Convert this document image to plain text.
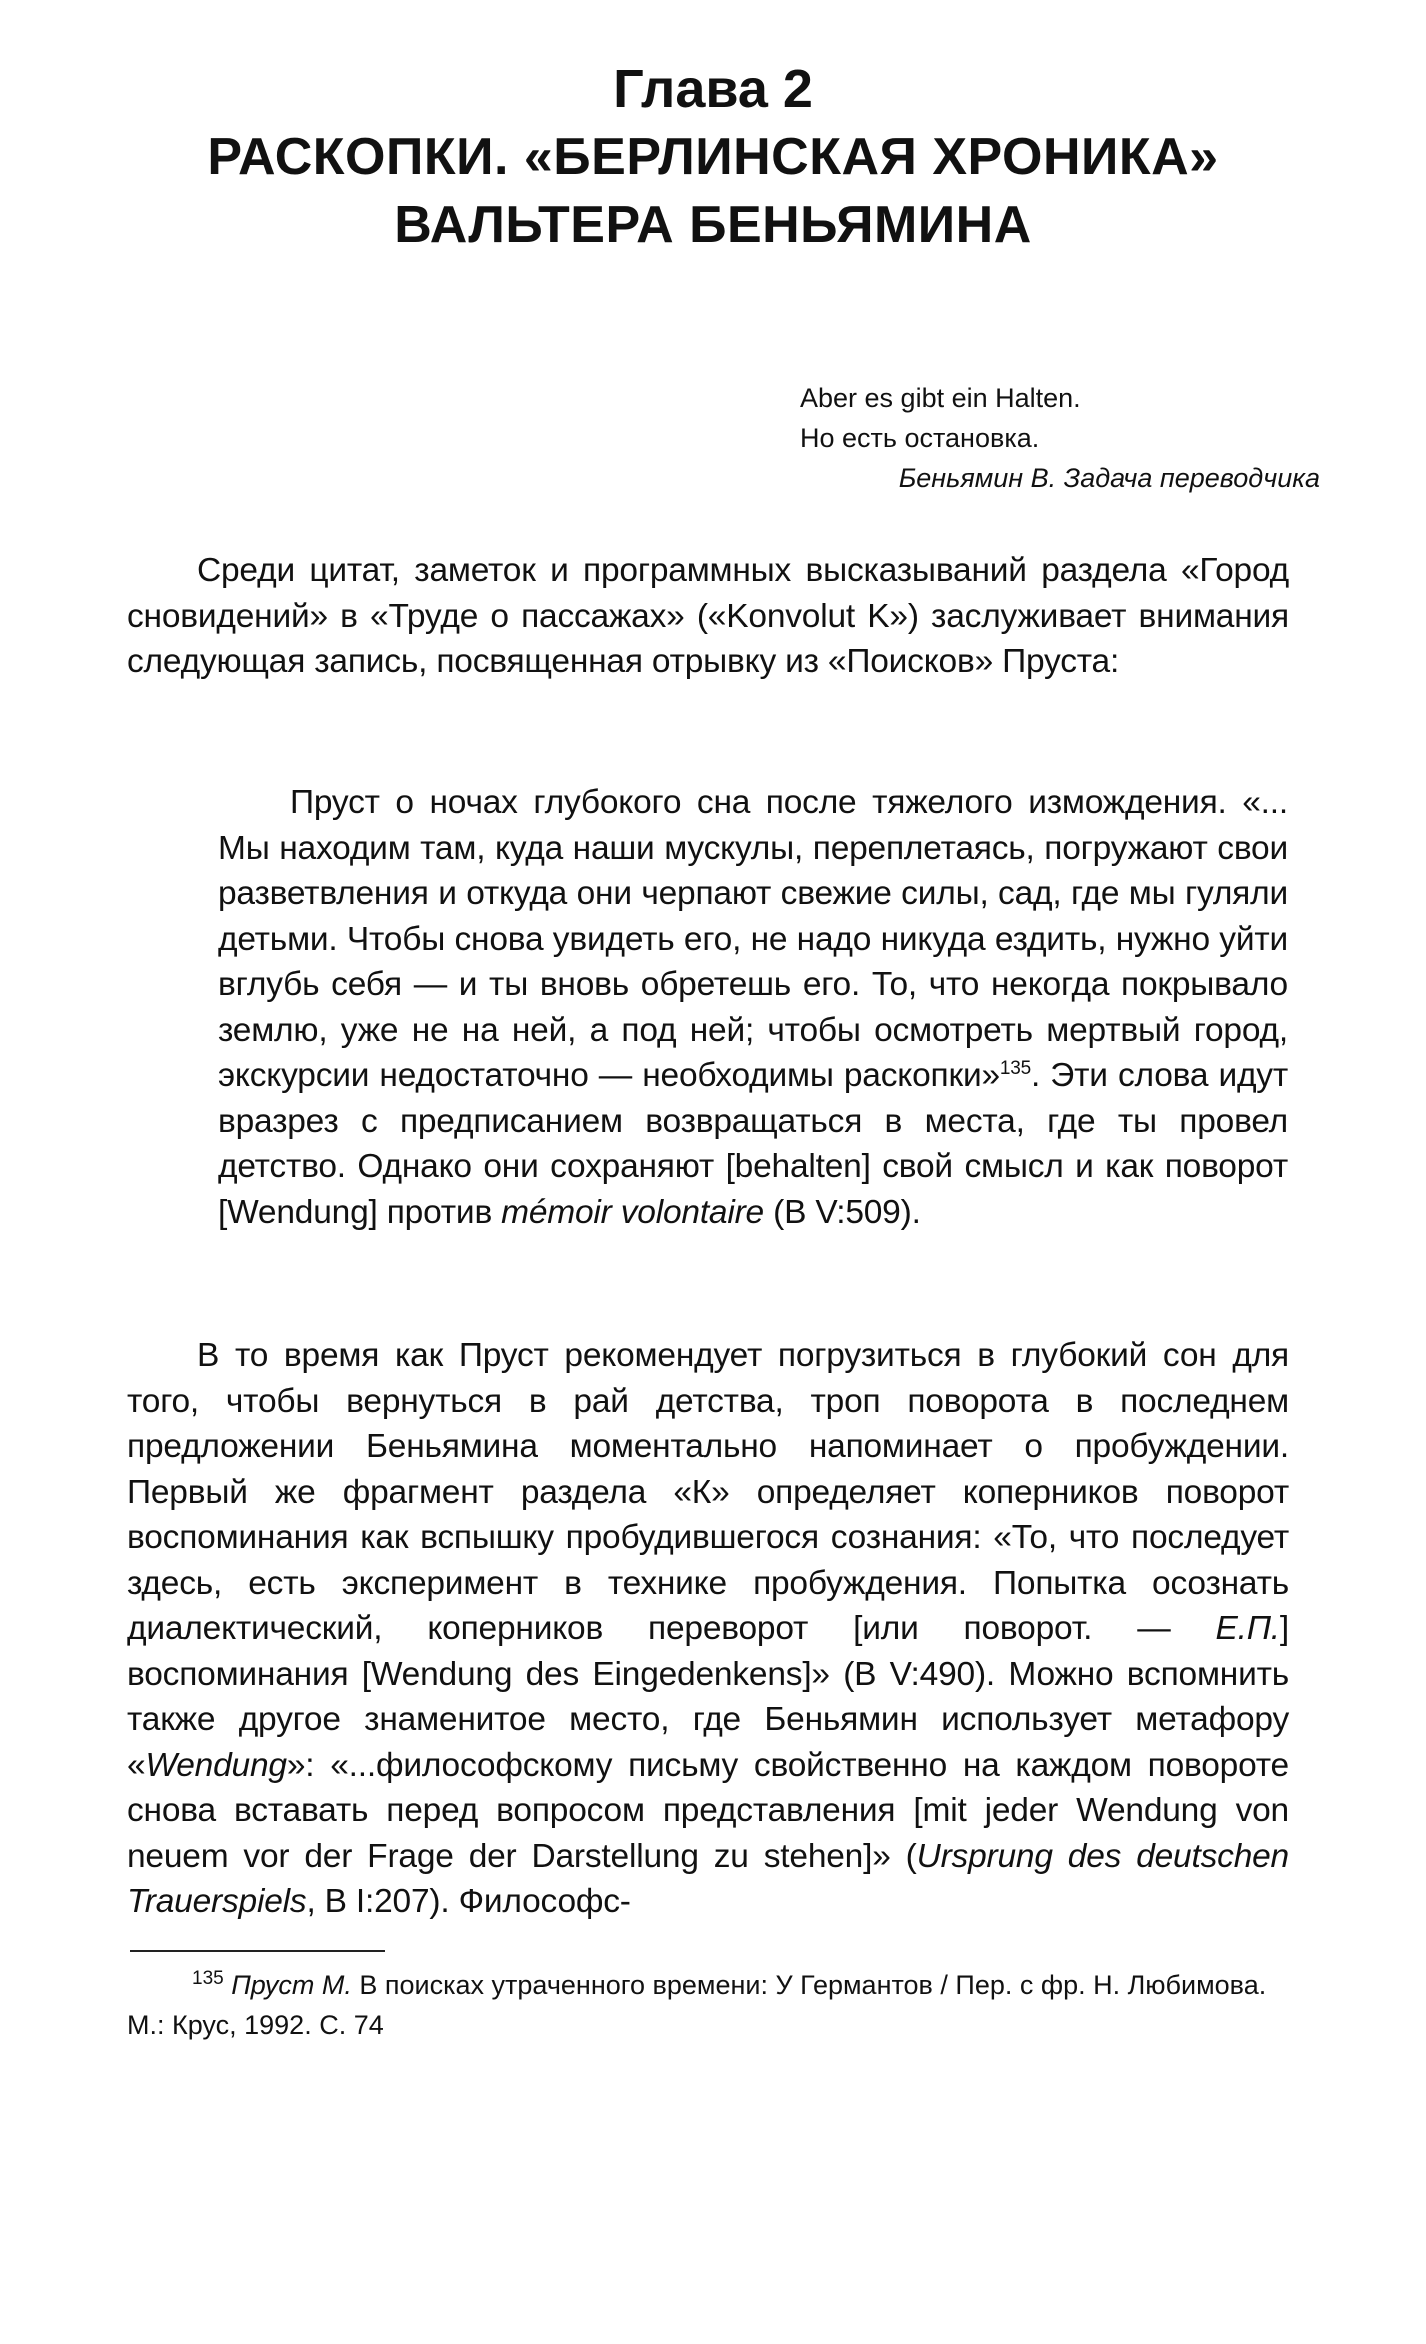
Глава 2
РАСКОПКИ. «БЕРЛИНСКАЯ ХРОНИКА»
ВАЛЬТЕРА БЕНЬЯМИНА
Aber es gibt ein Halten.
Но есть остановка.
Беньямин В. Задача переводчика
Среди цитат, заметок и программных высказываний раздела «Город сновидений» в «Труде о пассажах» («Konvolut K») заслуживает внимания следующая запись, посвященная отрывку из «Поисков» Пруста:
Пруст о ночах глубокого сна после тяжелого измождения. «... Мы находим там, куда наши мускулы, переплетаясь, погружают свои разветвления и откуда они черпают свежие силы, сад, где мы гуляли детьми. Чтобы снова увидеть его, не надо никуда ездить, нужно уйти вглубь себя — и ты вновь обретешь его. То, что некогда покрывало землю, уже не на ней, а под ней; чтобы осмотреть мертвый город, экскурсии недостаточно — необходимы раскопки»$^{135}$. Эти слова идут вразрез с предписанием возвращаться в места, где ты провел детство. Однако они сохраняют [behalten] свой смысл и как поворот [Wendung] против mémoir volontaire (В V:509).
В то время как Пруст рекомендует погрузиться в глубокий сон для того, чтобы вернуться в рай детства, троп поворота в последнем предложении Беньямина моментально напоминает о пробуждении. Первый же фрагмент раздела «К» определяет коперников поворот воспоминания как вспышку пробудившегося сознания: «То, что последует здесь, есть эксперимент в технике пробуждения. Попытка осознать диалектический, коперников переворот [или поворот. — Е.П.] воспоминания [Wendung des Eingedenkens]» (В V:490). Можно вспомнить также другое знаменитое место, где Беньямин использует метафору «Wendung»: «...философскому письму свойственно на каждом повороте снова вставать перед вопросом представления [mit jeder Wendung von neuem vor der Frage der Darstellung zu stehen]» (Ursprung des deutschen Trauerspiels, В I:207). Философс-
$^{135}$ Пруст М. В поисках утраченного времени: У Германтов / Пер. с фр. Н. Любимова. М.: Крус, 1992. С. 74
